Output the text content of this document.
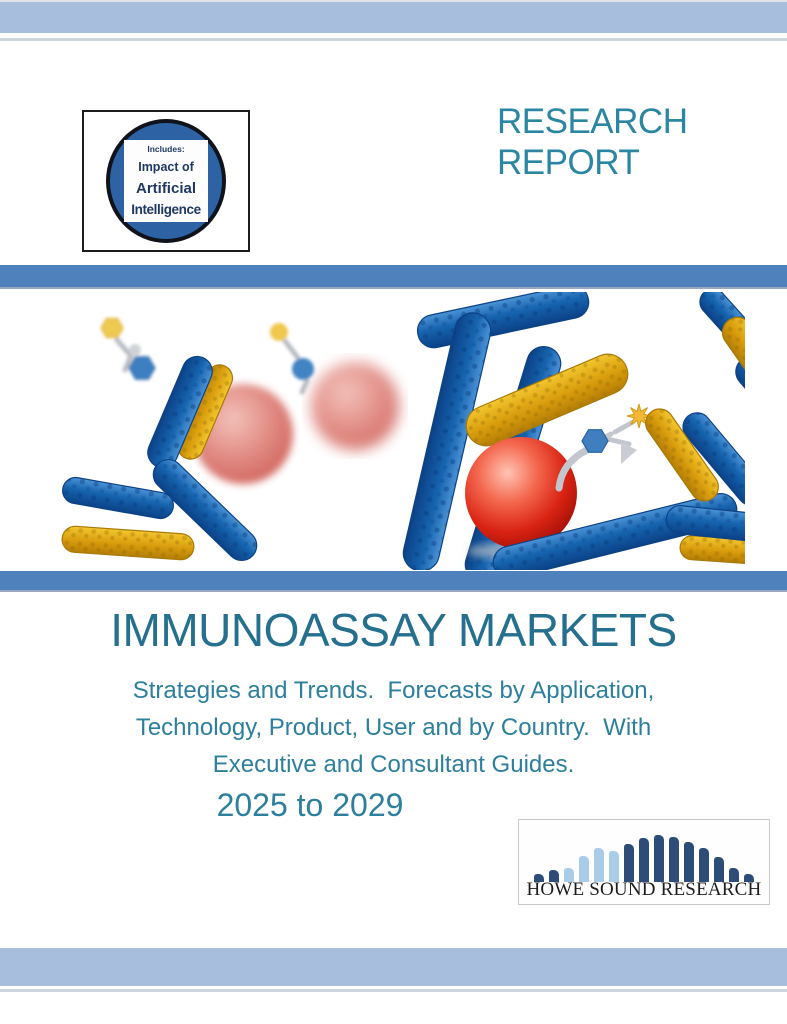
Includes:
Impact of
Artificial
Intelligence
RESEARCH
REPORT
IMMUNOASSAY MARKETS
Strategies and Trends.  Forecasts by Application,
Technology, Product, User and by Country.  With
Executive and Consultant Guides.
2025 to 2029
HOWE SOUND RESEARCH
